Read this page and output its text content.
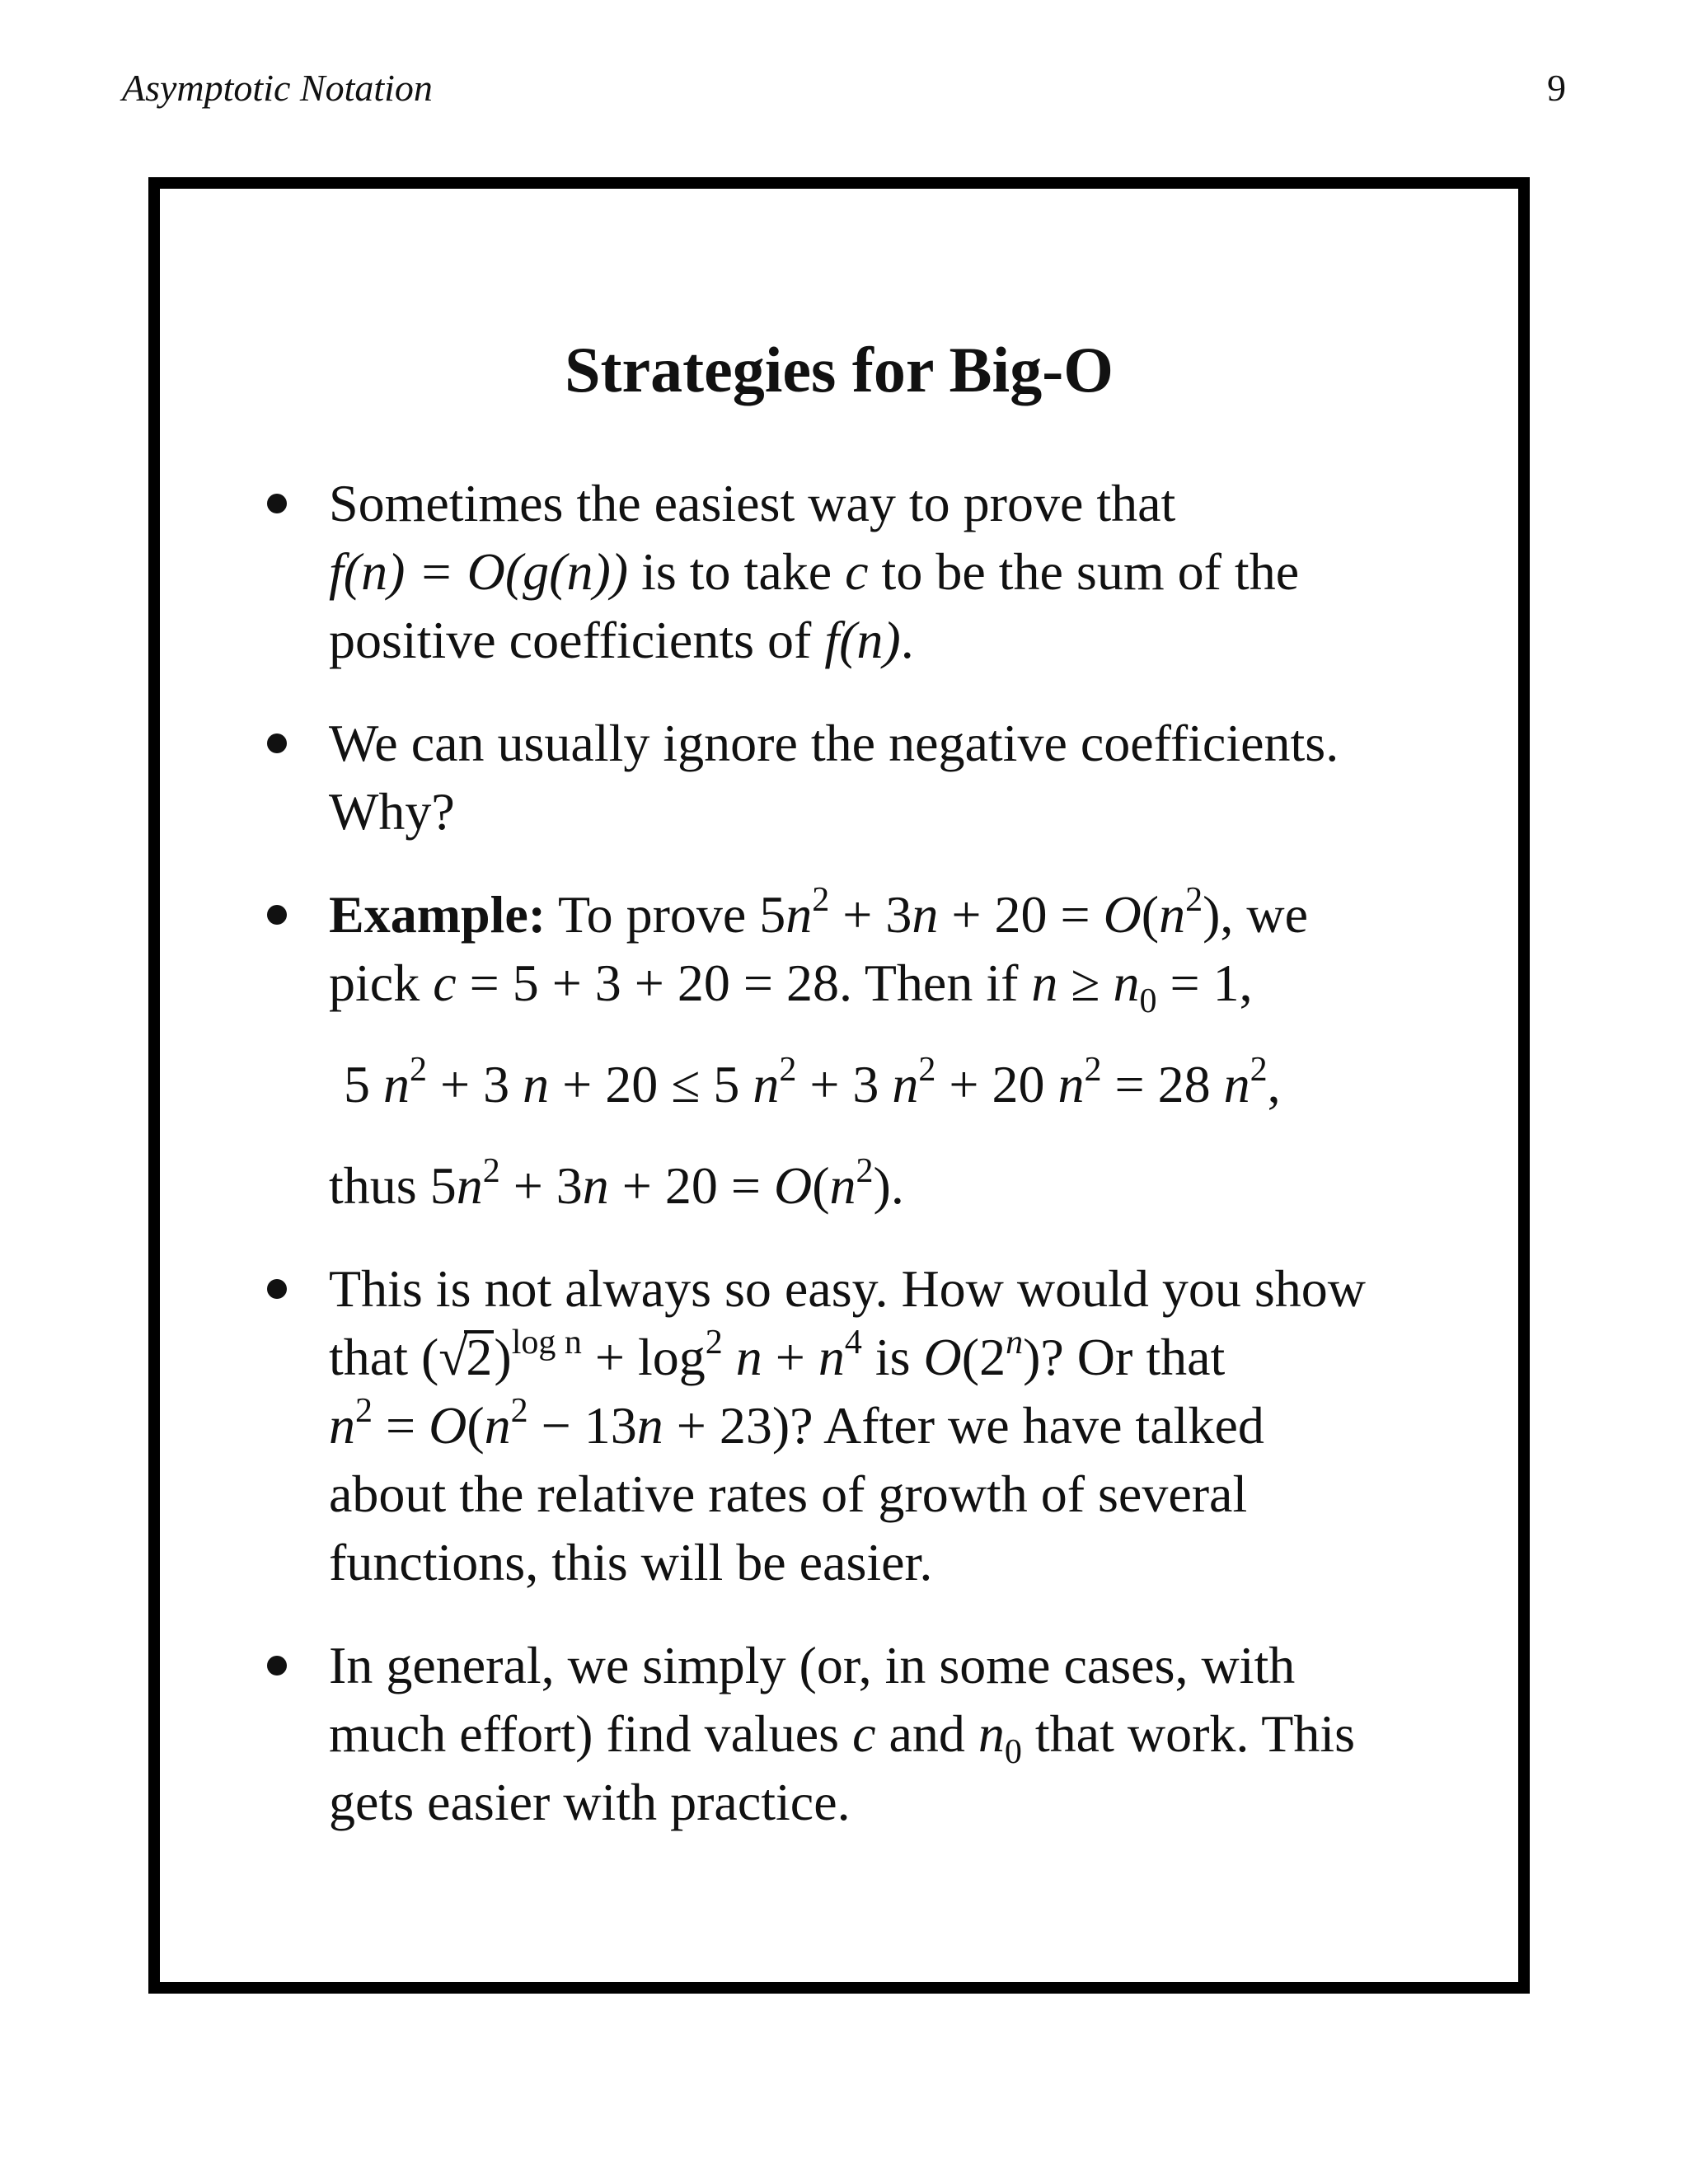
Asymptotic Notation	9
Strategies for Big-O
Sometimes the easiest way to prove that
f(n) = O(g(n)) is to take c to be the sum of the
positive coefficients of f(n).
We can usually ignore the negative coefficients.
Why?
Example: To prove $5n^2 + 3n + 20 = O(n^2)$, we
pick c = 5 + 3 + 20 = 28. Then if $n \ge n_0 = 1$,
5 $n^2 + 3$ n + 20 ≤ 5 $n^2 + 3$ $n^2 + 20$ $n^2 = 28$ $n^2$,
thus $5n^2 + 3n + 20 = O(n^2)$.
This is not always so easy. How would you show
that $(√2)^{log n} + \log^2 n + n^4$ is O(2$^n$)? Or that
$n^2 = O(n^2 - 13n + 23)$? After we have talked
about the relative rates of growth of several
functions, this will be easier.
In general, we simply (or, in some cases, with
much effort) find values c and $n_0$ that work. This
gets easier with practice.
